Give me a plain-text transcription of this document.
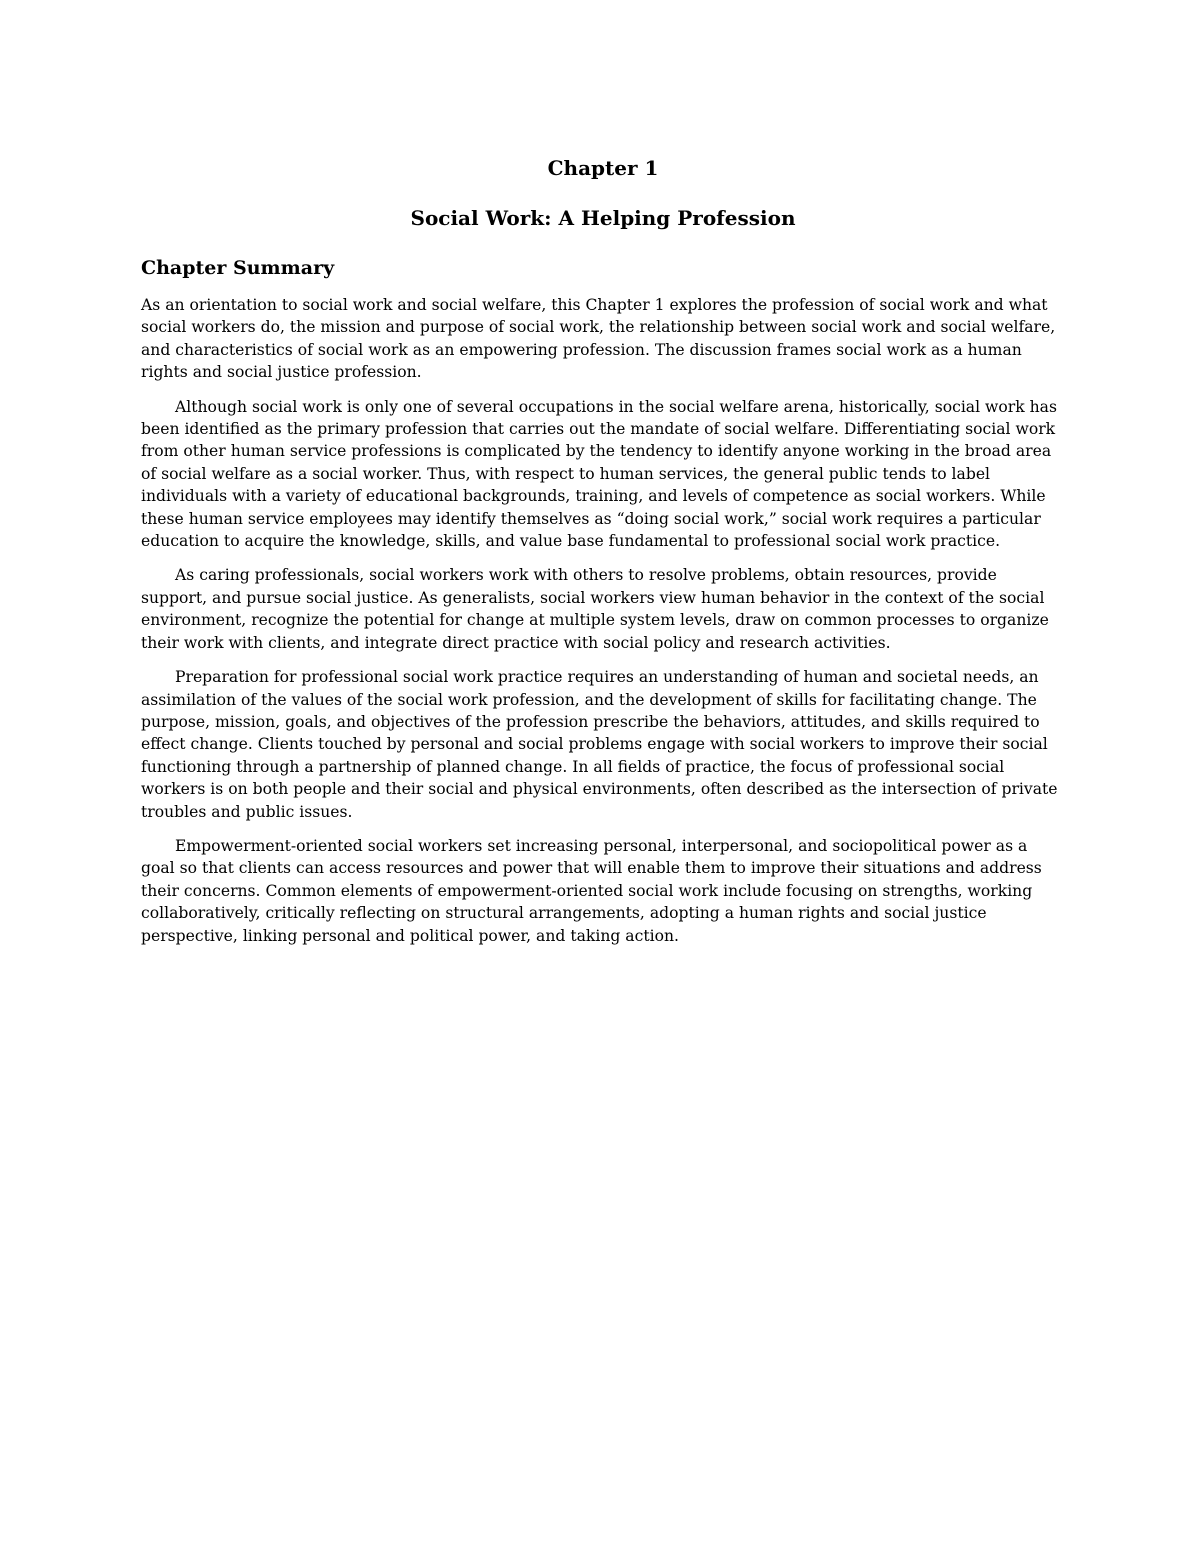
Chapter 1
Social Work: A Helping Profession
Chapter Summary

As an orientation to social work and social welfare, this Chapter 1 explores the profession of social work and what social workers do, the mission and purpose of social work, the relationship between social work and social welfare, and characteristics of social work as an empowering profession. The discussion frames social work as a human rights and social justice profession.

Although social work is only one of several occupations in the social welfare arena, historically, social work has been identified as the primary profession that carries out the mandate of social welfare. Differentiating social work from other human service professions is complicated by the tendency to identify anyone working in the broad area of social welfare as a social worker. Thus, with respect to human services, the general public tends to label individuals with a variety of educational backgrounds, training, and levels of competence as social workers. While these human service employees may identify themselves as “doing social work,” social work requires a particular education to acquire the knowledge, skills, and value base fundamental to professional social work practice.

As caring professionals, social workers work with others to resolve problems, obtain resources, provide support, and pursue social justice. As generalists, social workers view human behavior in the context of the social environment, recognize the potential for change at multiple system levels, draw on common processes to organize their work with clients, and integrate direct practice with social policy and research activities.

Preparation for professional social work practice requires an understanding of human and societal needs, an assimilation of the values of the social work profession, and the development of skills for facilitating change. The purpose, mission, goals, and objectives of the profession prescribe the behaviors, attitudes, and skills required to effect change. Clients touched by personal and social problems engage with social workers to improve their social functioning through a partnership of planned change. In all fields of practice, the focus of professional social workers is on both people and their social and physical environments, often described as the intersection of private troubles and public issues.

Empowerment-oriented social workers set increasing personal, interpersonal, and sociopolitical power as a goal so that clients can access resources and power that will enable them to improve their situations and address their concerns. Common elements of empowerment-oriented social work include focusing on strengths, working collaboratively, critically reflecting on structural arrangements, adopting a human rights and social justice perspective, linking personal and political power, and taking action.
